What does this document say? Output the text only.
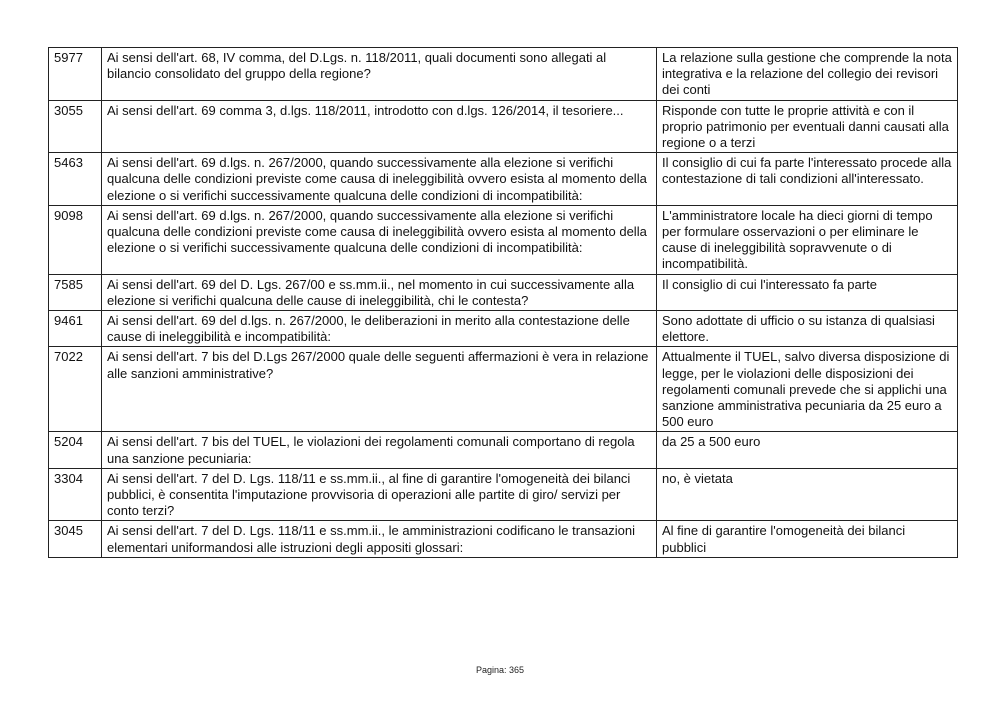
5977	Ai sensi dell'art. 68, IV comma, del D.Lgs. n. 118/2011, quali documenti sono allegati al bilancio consolidato del gruppo della regione?	La relazione sulla gestione che comprende la nota integrativa e la relazione del collegio dei revisori dei conti
3055	Ai sensi dell'art. 69 comma 3, d.lgs. 118/2011, introdotto con d.lgs. 126/2014, il tesoriere...	Risponde con tutte le proprie attività e con il proprio patrimonio per eventuali danni causati alla regione o a terzi
5463	Ai sensi dell'art. 69 d.lgs. n. 267/2000, quando successivamente alla elezione si verifichi qualcuna delle condizioni previste come causa di ineleggibilità ovvero esista al momento della elezione o si verifichi successivamente qualcuna delle condizioni di incompatibilità:	Il consiglio di cui fa parte l'interessato procede alla contestazione di tali condizioni all'interessato.
9098	Ai sensi dell'art. 69 d.lgs. n. 267/2000, quando successivamente alla elezione si verifichi qualcuna delle condizioni previste come causa di ineleggibilità ovvero esista al momento della elezione o si verifichi successivamente qualcuna delle condizioni di incompatibilità:	L'amministratore locale ha dieci giorni di tempo per formulare osservazioni o per eliminare le cause di ineleggibilità sopravvenute o di incompatibilità.
7585	Ai sensi dell'art. 69 del D. Lgs. 267/00 e ss.mm.ii., nel momento in cui successivamente alla elezione si verifichi qualcuna delle cause di ineleggibilità, chi le contesta?	Il consiglio di cui l'interessato fa parte
9461	Ai sensi dell'art. 69 del d.lgs. n. 267/2000, le deliberazioni in merito alla contestazione delle cause di ineleggibilità e incompatibilità:	Sono adottate di ufficio o su istanza di qualsiasi elettore.
7022	Ai sensi dell'art. 7 bis del D.Lgs 267/2000 quale delle seguenti affermazioni è vera in relazione alle sanzioni amministrative?	Attualmente il TUEL, salvo diversa disposizione di legge, per le violazioni delle disposizioni dei regolamenti comunali prevede che si applichi una sanzione amministrativa pecuniaria da 25 euro a 500 euro
5204	Ai sensi dell'art. 7 bis del TUEL, le violazioni dei regolamenti comunali comportano di regola una sanzione pecuniaria:	da 25 a 500 euro
3304	Ai sensi dell'art. 7 del D. Lgs. 118/11 e ss.mm.ii., al fine di garantire l'omogeneità dei bilanci pubblici, è consentita l'imputazione provvisoria di operazioni alle partite di giro/ servizi per conto terzi?	no, è vietata
3045	Ai sensi dell'art. 7 del D. Lgs. 118/11 e ss.mm.ii., le amministrazioni codificano le transazioni elementari uniformandosi alle istruzioni degli appositi glossari:	Al fine di garantire l'omogeneità dei bilanci pubblici
Pagina: 365
